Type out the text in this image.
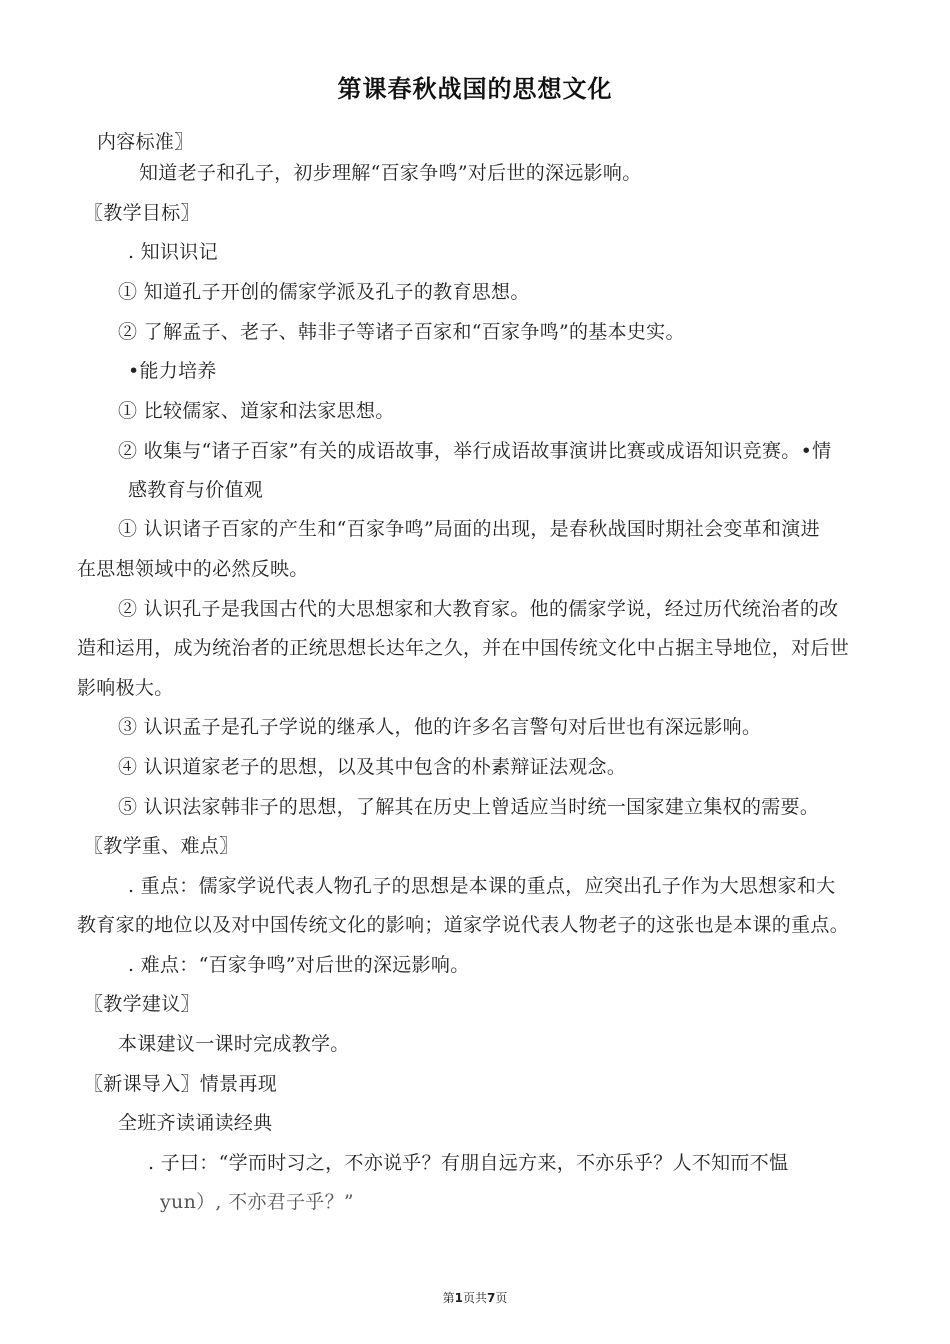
第课春秋战国的思想文化
内容标准〗
知道老子和孔子，初步理解“百家争鸣”对后世的深远影响。
〖教学目标〗
. 知识识记
① 知道孔子开创的儒家学派及孔子的教育思想。
② 了解孟子、老子、韩非子等诸子百家和“百家争鸣”的基本史实。
•能力培养
① 比较儒家、道家和法家思想。
② 收集与“诸子百家”有关的成语故事，举行成语故事演讲比赛或成语知识竞赛。•情
感教育与价值观
① 认识诸子百家的产生和“百家争鸣”局面的出现，是春秋战国时期社会变革和演进
在思想领域中的必然反映。
② 认识孔子是我国古代的大思想家和大教育家。他的儒家学说，经过历代统治者的改
造和运用，成为统治者的正统思想长达年之久，并在中国传统文化中占据主导地位，对后世
影响极大。
③ 认识孟子是孔子学说的继承人，他的许多名言警句对后世也有深远影响。
④ 认识道家老子的思想，以及其中包含的朴素辩证法观念。
⑤ 认识法家韩非子的思想，了解其在历史上曾适应当时统一国家建立集权的需要。
〖教学重、难点〗
. 重点：儒家学说代表人物孔子的思想是本课的重点，应突出孔子作为大思想家和大
教育家的地位以及对中国传统文化的影响；道家学说代表人物老子的这张也是本课的重点。
. 难点：“百家争鸣”对后世的深远影响。
〖教学建议〗
本课建议一课时完成教学。
〖新课导入〗情景再现
全班齐读诵读经典
. 子曰：“学而时习之，不亦说乎？有朋自远方来，不亦乐乎？人不知而不愠
yun）, 不亦君子乎？”
第1页共7页
